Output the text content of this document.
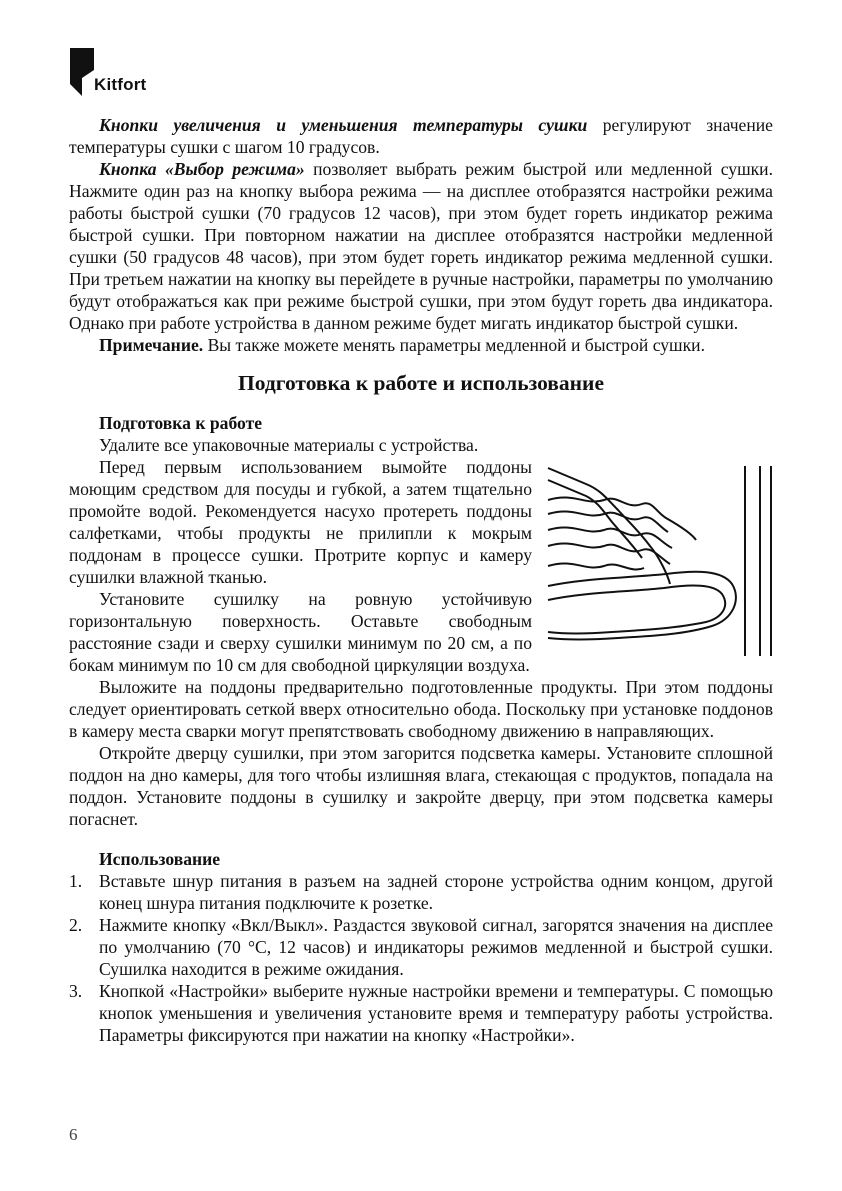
Kitfort

Кнопки увеличения и уменьшения температуры сушки регулируют значение температуры сушки с шагом 10 градусов.

Кнопка «Выбор режима» позволяет выбрать режим быстрой или медленной сушки. Нажмите один раз на кнопку выбора режима — на дисплее отобразятся настройки режима работы быстрой сушки (70 градусов 12 часов), при этом будет гореть индикатор режима быстрой сушки. При повторном нажатии на дисплее отобразятся настройки медленной сушки (50 градусов 48 часов), при этом будет гореть индикатор режима медленной сушки. При третьем нажатии на кнопку вы перейдете в ручные настройки, параметры по умолчанию будут отображаться как при режиме быстрой сушки, при этом будут гореть два индикатора. Однако при работе устройства в данном режиме будет мигать индикатор быстрой сушки.

Примечание. Вы также можете менять параметры медленной и быстрой сушки.

Подготовка к работе и использование
Подготовка к работе

Удалите все упаковочные материалы с устройства.

Перед первым использованием вымойте поддоны моющим средством для посуды и губкой, а затем тщательно промойте водой. Рекомендуется насухо протереть поддоны салфетками, чтобы продукты не прилипли к мокрым поддонам в процессе сушки. Протрите корпус и камеру сушилки влажной тканью.

Установите сушилку на ровную устойчивую горизонтальную поверхность. Оставьте свободным расстояние сзади и сверху сушилки минимум по 20 см, а по бокам минимум по 10 см для свободной циркуляции воздуха.

Выложите на поддоны предварительно подготовленные продукты. При этом поддоны следует ориентировать сеткой вверх относительно обода. Поскольку при установке поддонов в камеру места сварки могут препятствовать свободному движению в направляющих.

Откройте дверцу сушилки, при этом загорится подсветка камеры. Установите сплошной поддон на дно камеры, для того чтобы излишняя влага, стекающая с продуктов, попадала на поддон. Установите поддоны в сушилку и закройте дверцу, при этом подсветка камеры погаснет.

Использование
1. Вставьте шнур питания в разъем на задней стороне устройства одним концом, другой конец шнура питания подключите к розетке.
2. Нажмите кнопку «Вкл/Выкл». Раздастся звуковой сигнал, загорятся значения на дисплее по умолчанию (70 °C, 12 часов) и индикаторы режимов медленной и быстрой сушки. Сушилка находится в режиме ожидания.
3. Кнопкой «Настройки» выберите нужные настройки времени и температуры. С помощью кнопок уменьшения и увеличения установите время и температуру работы устройства. Параметры фиксируются при нажатии на кнопку «Настройки».
6
